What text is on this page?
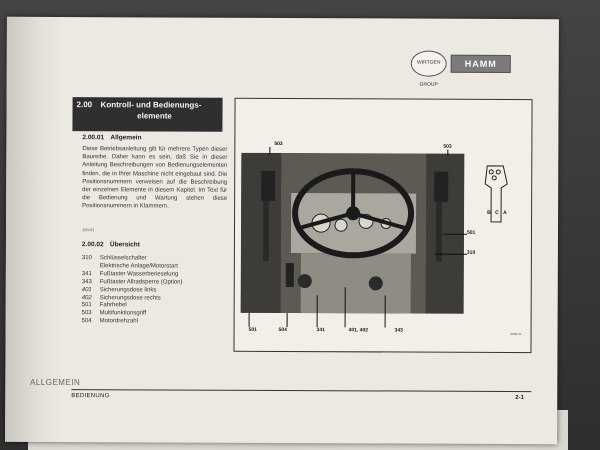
WIRTGEN GROUP
HAMM
2.00 Kontroll- und Bedienungs-
elemente
2.00.01 Allgemein
Diese Betriebsanleitung gilt für mehrere Typen dieser Baureihe. Daher kann es sein, daß Sie in dieser Anleitung Beschreibungen von Bedienungselementen finden, die in Ihrer Maschine nicht eingebaut sind. Die Positionsnummern verweisen auf die Beschreibung der einzelnen Elemente in diesem Kapitel. Im Text für die Bedienung und Wartung stehen diese Positionsnummern in Klammern.
100-01
2.00.02 Übersicht
310	Schlüsselschalter
Elektrische Anlage/Motorstart
341	Fußtaster Wasserberieselung
343	Fußtaster Allradsperre (Option)
401	Sicherungsdose links
402	Sicherungsdose rechts
501	Fahrhebel
503	Multifunktionsgriff
504	Motordrehzahl
503	503
501
310
501	504	341	401, 402	343
B C A
0000-01
BEDIENUNG	2-1
ALLGEMEIN
